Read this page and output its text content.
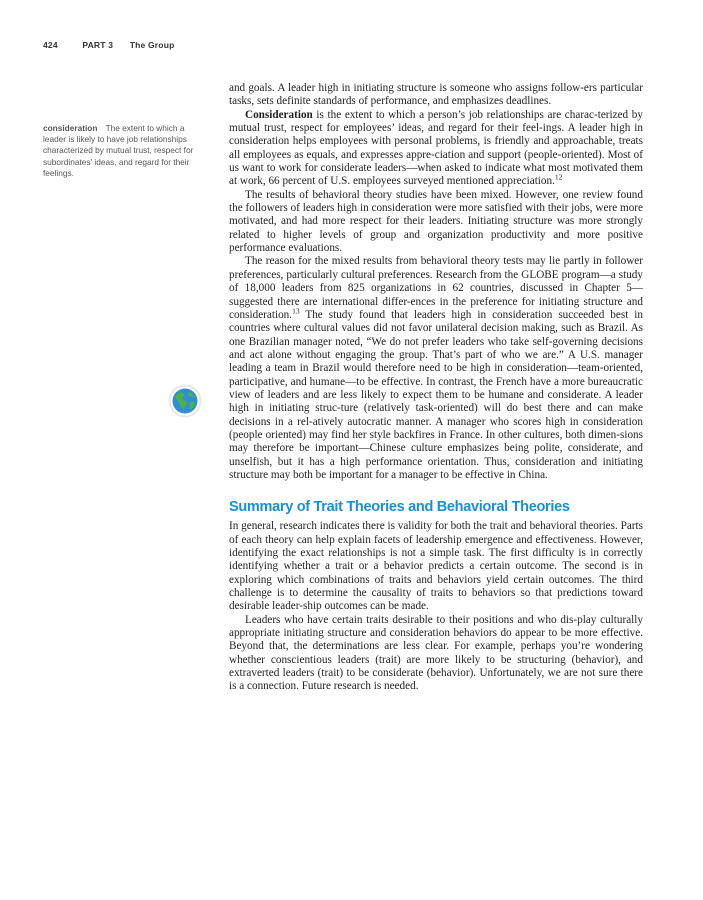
424	PART 3 The Group
consideration The extent to which a leader is likely to have job relationships characterized by mutual trust, respect for subordinates' ideas, and regard for their feelings.

and goals. A leader high in initiating structure is someone who assigns follow-ers particular tasks, sets definite standards of performance, and emphasizes deadlines.

Consideration is the extent to which a person’s job relationships are charac-terized by mutual trust, respect for employees’ ideas, and regard for their feel-ings. A leader high in consideration helps employees with personal problems, is friendly and approachable, treats all employees as equals, and expresses appre-ciation and support (people-oriented). Most of us want to work for considerate leaders—when asked to indicate what most motivated them at work, 66 percent of U.S. employees surveyed mentioned appreciation.$^{12}$

The results of behavioral theory studies have been mixed. However, one review found the followers of leaders high in consideration were more satisfied with their jobs, were more motivated, and had more respect for their leaders. Initiating structure was more strongly related to higher levels of group and organization productivity and more positive performance evaluations.

The reason for the mixed results from behavioral theory tests may lie partly in follower preferences, particularly cultural preferences. Research from the GLOBE program—a study of 18,000 leaders from 825 organizations in 62 countries, discussed in Chapter 5—suggested there are international differ-ences in the preference for initiating structure and consideration.$^{13}$ The study found that leaders high in consideration succeeded best in countries where cultural values did not favor unilateral decision making, such as Brazil. As one Brazilian manager noted, “We do not prefer leaders who take self-governing decisions and act alone without engaging the group. That’s part of who we are.” A U.S. manager leading a team in Brazil would therefore need to be high in consideration—team-oriented, participative, and humane—to be effective. In contrast, the French have a more bureaucratic view of leaders and are less likely to expect them to be humane and considerate. A leader high in initiating struc-ture (relatively task-oriented) will do best there and can make decisions in a rel-atively autocratic manner. A manager who scores high in consideration (people oriented) may find her style backfires in France. In other cultures, both dimen-sions may therefore be important—Chinese culture emphasizes being polite, considerate, and unselfish, but it has a high performance orientation. Thus, consideration and initiating structure may both be important for a manager to be effective in China.

Summary of Trait Theories and Behavioral Theories

In general, research indicates there is validity for both the trait and behavioral theories. Parts of each theory can help explain facets of leadership emergence and effectiveness. However, identifying the exact relationships is not a simple task. The first difficulty is in correctly identifying whether a trait or a behavior predicts a certain outcome. The second is in exploring which combinations of traits and behaviors yield certain outcomes. The third challenge is to determine the causality of traits to behaviors so that predictions toward desirable leader-ship outcomes can be made.

Leaders who have certain traits desirable to their positions and who dis-play culturally appropriate initiating structure and consideration behaviors do appear to be more effective. Beyond that, the determinations are less clear. For example, perhaps you’re wondering whether conscientious leaders (trait) are more likely to be structuring (behavior), and extraverted leaders (trait) to be considerate (behavior). Unfortunately, we are not sure there is a connection. Future research is needed.
